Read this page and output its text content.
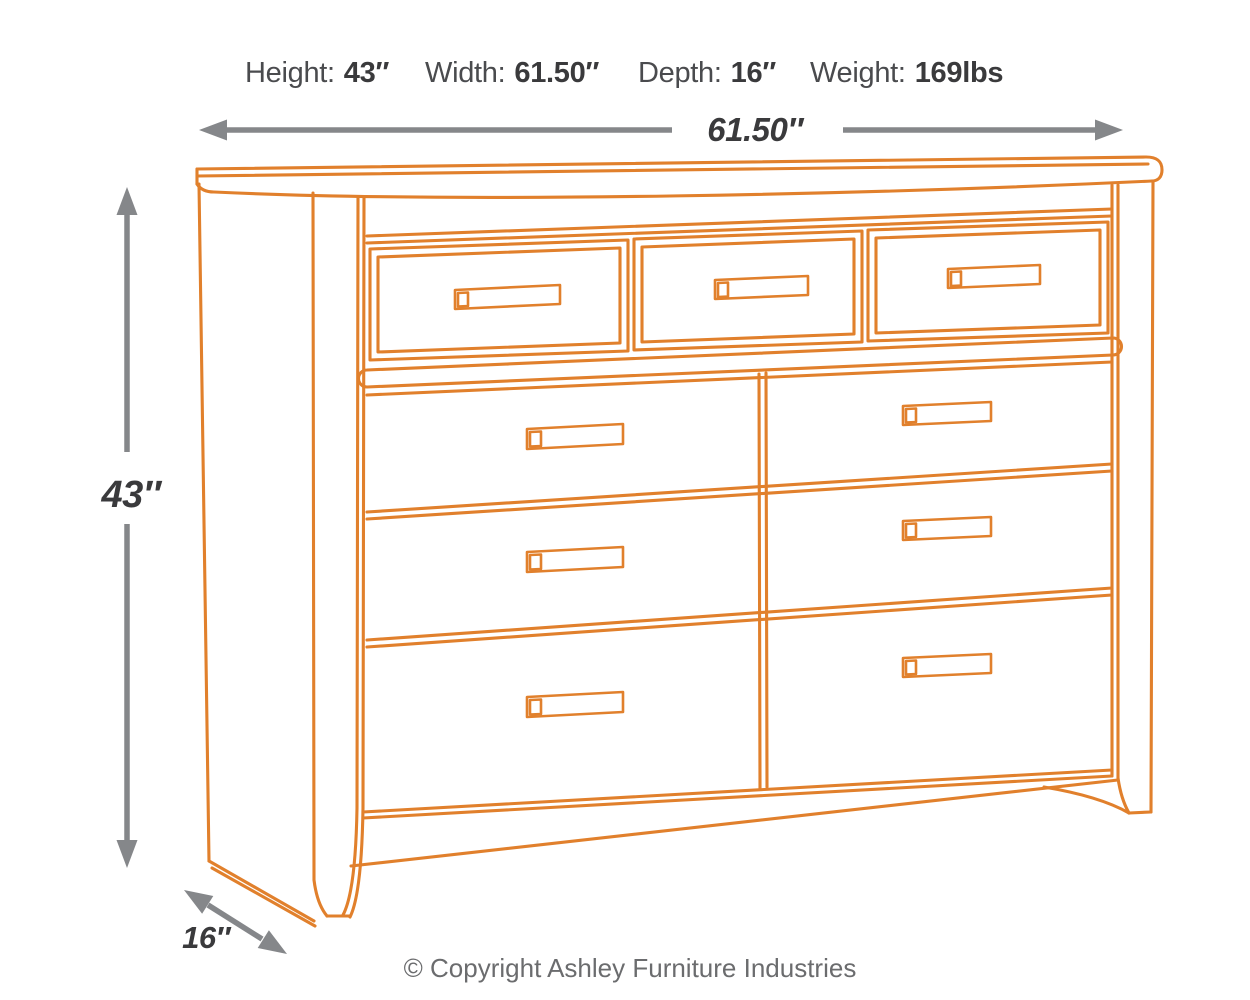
Height: 43″ Width: 61.50″ Depth: 16″ Weight: 169lbs
61.50″
43″
16″
© Copyright Ashley Furniture Industries
